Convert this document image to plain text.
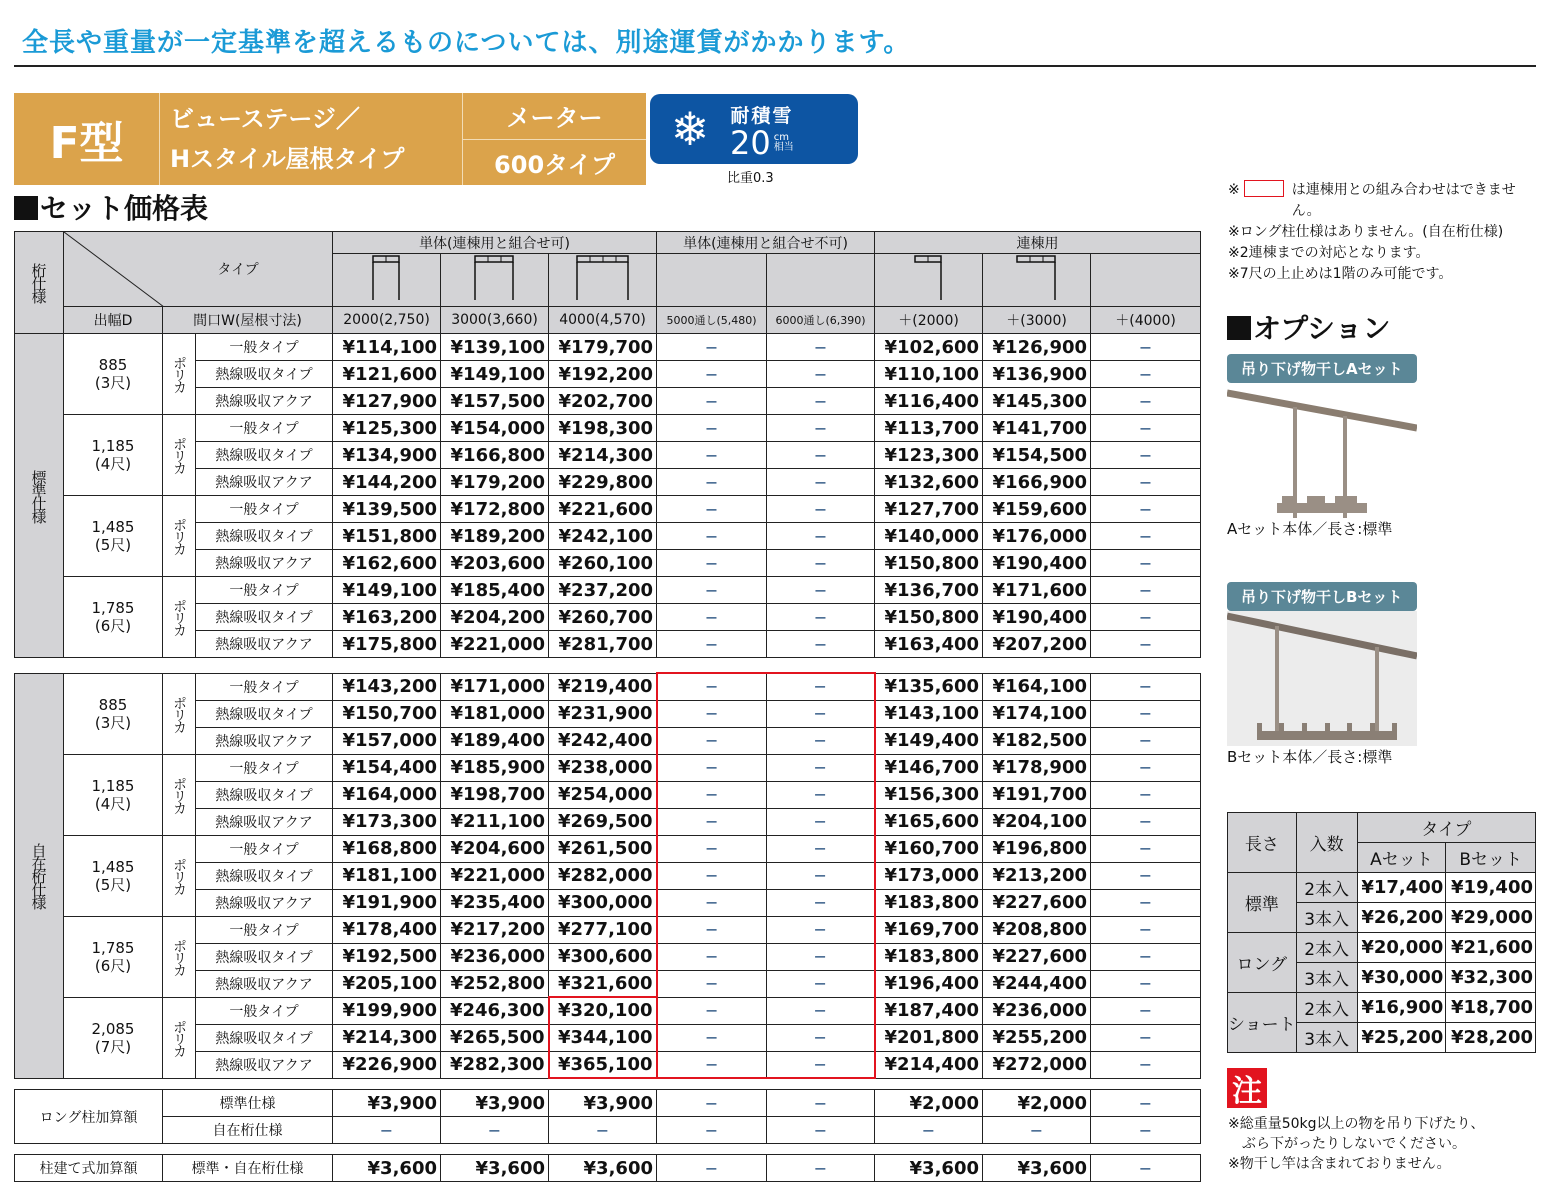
全長や重量が一定基準を超えるものについては、別途運賃がかかります。
F型	ビューステージ／
Hスタイル屋根タイプ
メーター
600タイプ
❄	耐積雪
20 cm
相当
比重0.3
セット価格表
桁仕様	タイプ			単体(連棟用と組合せ可)			単体(連棟用と組合せ不可)		連棟用		

	出幅D	間口W(屋根寸法)		2000(2,750)	3000(3,660)	4000(4,570)	5000通し(5,480)	6000通し(6,390)	＋(2000)	＋(3000)	＋(4000)
標準仕様	885
(3尺)	ポリカ	一般タイプ	¥114,100	¥139,100	¥179,700	−	−	¥102,600	¥126,900	−
			熱線吸収タイプ	¥121,600	¥149,100	¥192,200	−	−	¥110,100	¥136,900	−
			熱線吸収アクア	¥127,900	¥157,500	¥202,700	−	−	¥116,400	¥145,300	−

	1,185
(4尺)	ポリカ	一般タイプ	¥125,300	¥154,000	¥198,300	−	−	¥113,700	¥141,700	−
			熱線吸収タイプ	¥134,900	¥166,800	¥214,300	−	−	¥123,300	¥154,500	−
			熱線吸収アクア	¥144,200	¥179,200	¥229,800	−	−	¥132,600	¥166,900	−

	1,485
(5尺)	ポリカ	一般タイプ	¥139,500	¥172,800	¥221,600	−	−	¥127,700	¥159,600	−
			熱線吸収タイプ	¥151,800	¥189,200	¥242,100	−	−	¥140,000	¥176,000	−
			熱線吸収アクア	¥162,600	¥203,600	¥260,100	−	−	¥150,800	¥190,400	−

	1,785
(6尺)	ポリカ	一般タイプ	¥149,100	¥185,400	¥237,200	−	−	¥136,700	¥171,600	−
			熱線吸収タイプ	¥163,200	¥204,200	¥260,700	−	−	¥150,800	¥190,400	−
			熱線吸収アクア	¥175,800	¥221,000	¥281,700	−	−	¥163,400	¥207,200	−
自在桁仕様	885
(3尺)	ポリカ	一般タイプ	¥143,200	¥171,000	¥219,400	−	−	¥135,600	¥164,100	−
			熱線吸収タイプ	¥150,700	¥181,000	¥231,900	−	−	¥143,100	¥174,100	−
			熱線吸収アクア	¥157,000	¥189,400	¥242,400	−	−	¥149,400	¥182,500	−

	1,185
(4尺)	ポリカ	一般タイプ	¥154,400	¥185,900	¥238,000	−	−	¥146,700	¥178,900	−
			熱線吸収タイプ	¥164,000	¥198,700	¥254,000	−	−	¥156,300	¥191,700	−
			熱線吸収アクア	¥173,300	¥211,100	¥269,500	−	−	¥165,600	¥204,100	−

	1,485
(5尺)	ポリカ	一般タイプ	¥168,800	¥204,600	¥261,500	−	−	¥160,700	¥196,800	−
			熱線吸収タイプ	¥181,100	¥221,000	¥282,000	−	−	¥173,000	¥213,200	−
			熱線吸収アクア	¥191,900	¥235,400	¥300,000	−	−	¥183,800	¥227,600	−

	1,785
(6尺)	ポリカ	一般タイプ	¥178,400	¥217,200	¥277,100	−	−	¥169,700	¥208,800	−
			熱線吸収タイプ	¥192,500	¥236,000	¥300,600	−	−	¥183,800	¥227,600	−
			熱線吸収アクア	¥205,100	¥252,800	¥321,600	−	−	¥196,400	¥244,400	−

	2,085
(7尺)	ポリカ	一般タイプ	¥199,900	¥246,300	¥320,100	−	−	¥187,400	¥236,000	−
			熱線吸収タイプ	¥214,300	¥265,500	¥344,100	−	−	¥201,800	¥255,200	−
			熱線吸収アクア	¥226,900	¥282,300	¥365,100	−	−	¥214,400	¥272,000	−
ロング柱加算額	標準仕様	¥3,900	¥3,900	¥3,900	−	−	¥2,000	¥2,000	−
	自在桁仕様	−	−	−	−	−	−	−	−
柱建て式加算額	標準・自在桁仕様	¥3,600	¥3,600	¥3,600	−	−	¥3,600	¥3,600	−
※	は連棟用との組み合わせはできません。
※ロング柱仕様はありません。(自在桁仕様)
※2連棟までの対応となります。
※7尺の上止めは1階のみ可能です。
オプション
吊り下げ物干しAセット
Aセット本体／長さ:標準
吊り下げ物干しBセット
Bセット本体／長さ:標準
長さ	入数	タイプ	
		Aセット	Bセット
標準	2本入	¥17,400	¥19,400
	3本入	¥26,200	¥29,000
ロング	2本入	¥20,000	¥21,600
	3本入	¥30,000	¥32,300
ショート	2本入	¥16,900	¥18,700
	3本入	¥25,200	¥28,200
注
※総重量50kg以上の物を吊り下げたり、
　ぶら下がったりしないでください。
※物干し竿は含まれておりません。
